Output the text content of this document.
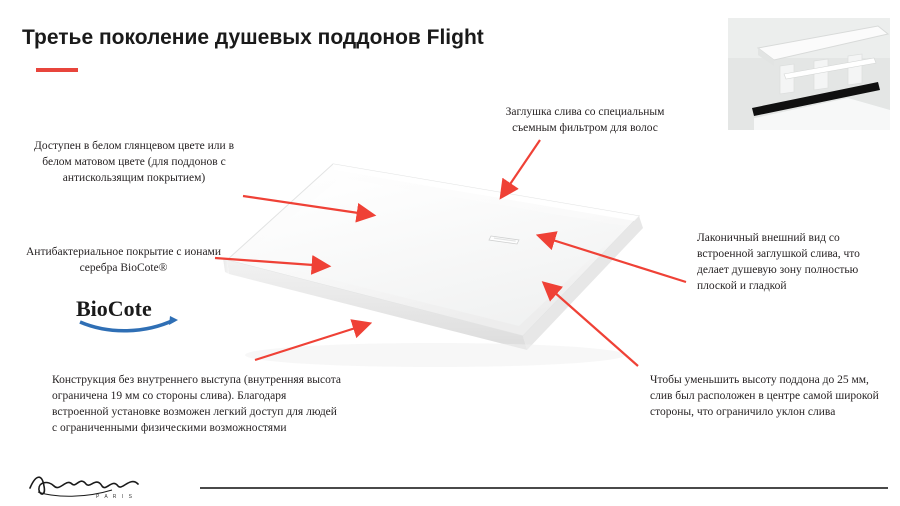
Третье поколение душевых поддонов Flight
Заглушка слива со специальным съемным фильтром для волос
Доступен в белом глянцевом цвете или в белом матовом цвете (для поддонов с антискользящим покрытием)
Антибактериальное покрытие с ионами серебра BioCote®
Лаконичный внешний вид со встроенной заглушкой слива, что делает душевую зону полностью плоской и гладкой
Конструкция без внутреннего выступа (внутренняя высота ограничена 19 мм со стороны слива). Благодаря встроенной установке возможен легкий доступ для людей с ограниченными физическими возможностями
Чтобы уменьшить высоту поддона до 25 мм, слив был расположен в центре самой широкой стороны, что ограничило уклон слива
BioCote
P A R I S
